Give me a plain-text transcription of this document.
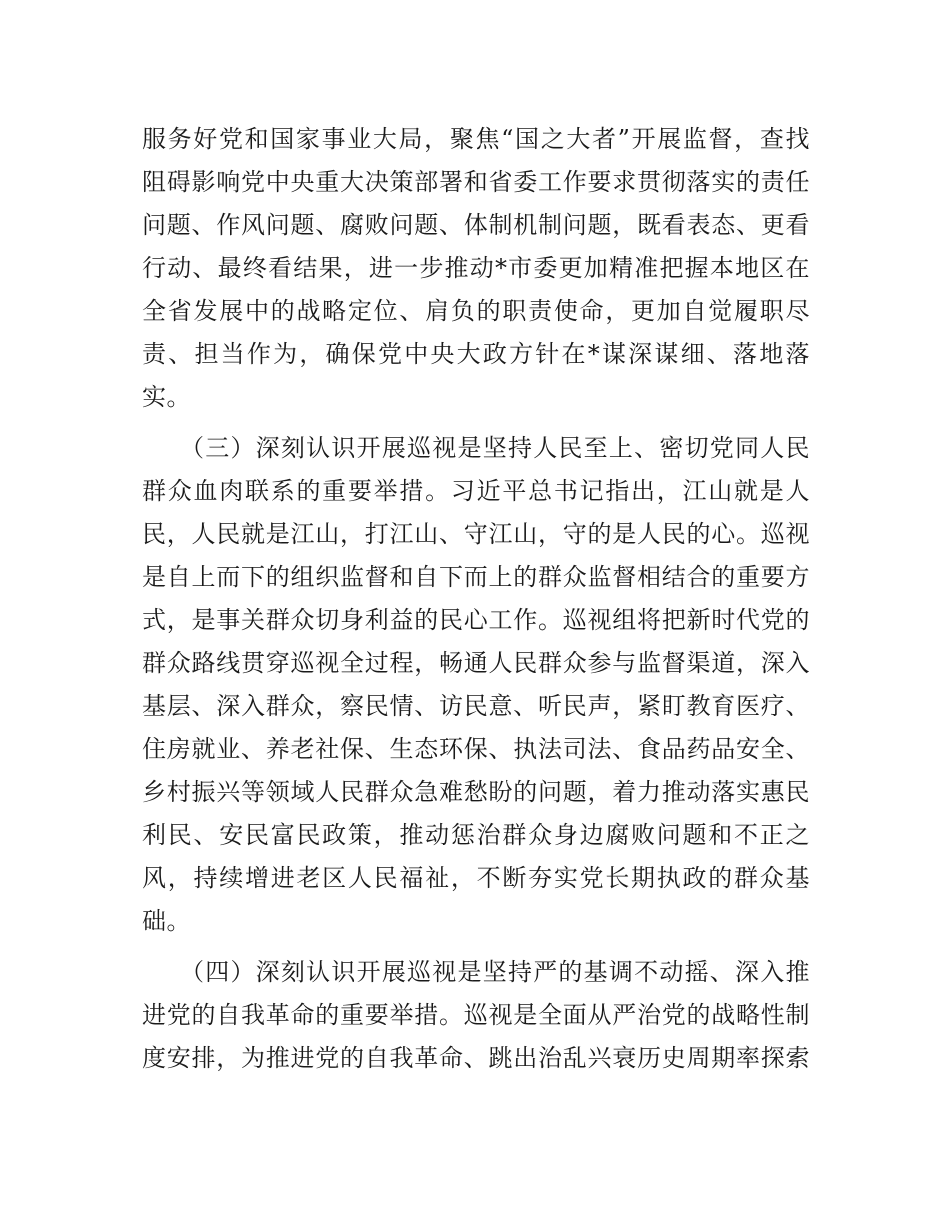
服务好党和国家事业大局，聚焦“国之大者”开展监督，查找
阻碍影响党中央重大决策部署和省委工作要求贯彻落实的责任
问题、作风问题、腐败问题、体制机制问题，既看表态、更看
行动、最终看结果，进一步推动*市委更加精准把握本地区在
全省发展中的战略定位、肩负的职责使命，更加自觉履职尽
责、担当作为，确保党中央大政方针在*谋深谋细、落地落
实。
（三）深刻认识开展巡视是坚持人民至上、密切党同人民
群众血肉联系的重要举措。习近平总书记指出，江山就是人
民，人民就是江山，打江山、守江山，守的是人民的心。巡视
是自上而下的组织监督和自下而上的群众监督相结合的重要方
式，是事关群众切身利益的民心工作。巡视组将把新时代党的
群众路线贯穿巡视全过程，畅通人民群众参与监督渠道，深入
基层、深入群众，察民情、访民意、听民声，紧盯教育医疗、
住房就业、养老社保、生态环保、执法司法、食品药品安全、
乡村振兴等领域人民群众急难愁盼的问题，着力推动落实惠民
利民、安民富民政策，推动惩治群众身边腐败问题和不正之
风，持续增进老区人民福祉，不断夯实党长期执政的群众基
础。
（四）深刻认识开展巡视是坚持严的基调不动摇、深入推
进党的自我革命的重要举措。巡视是全面从严治党的战略性制
度安排，为推进党的自我革命、跳出治乱兴衰历史周期率探索
